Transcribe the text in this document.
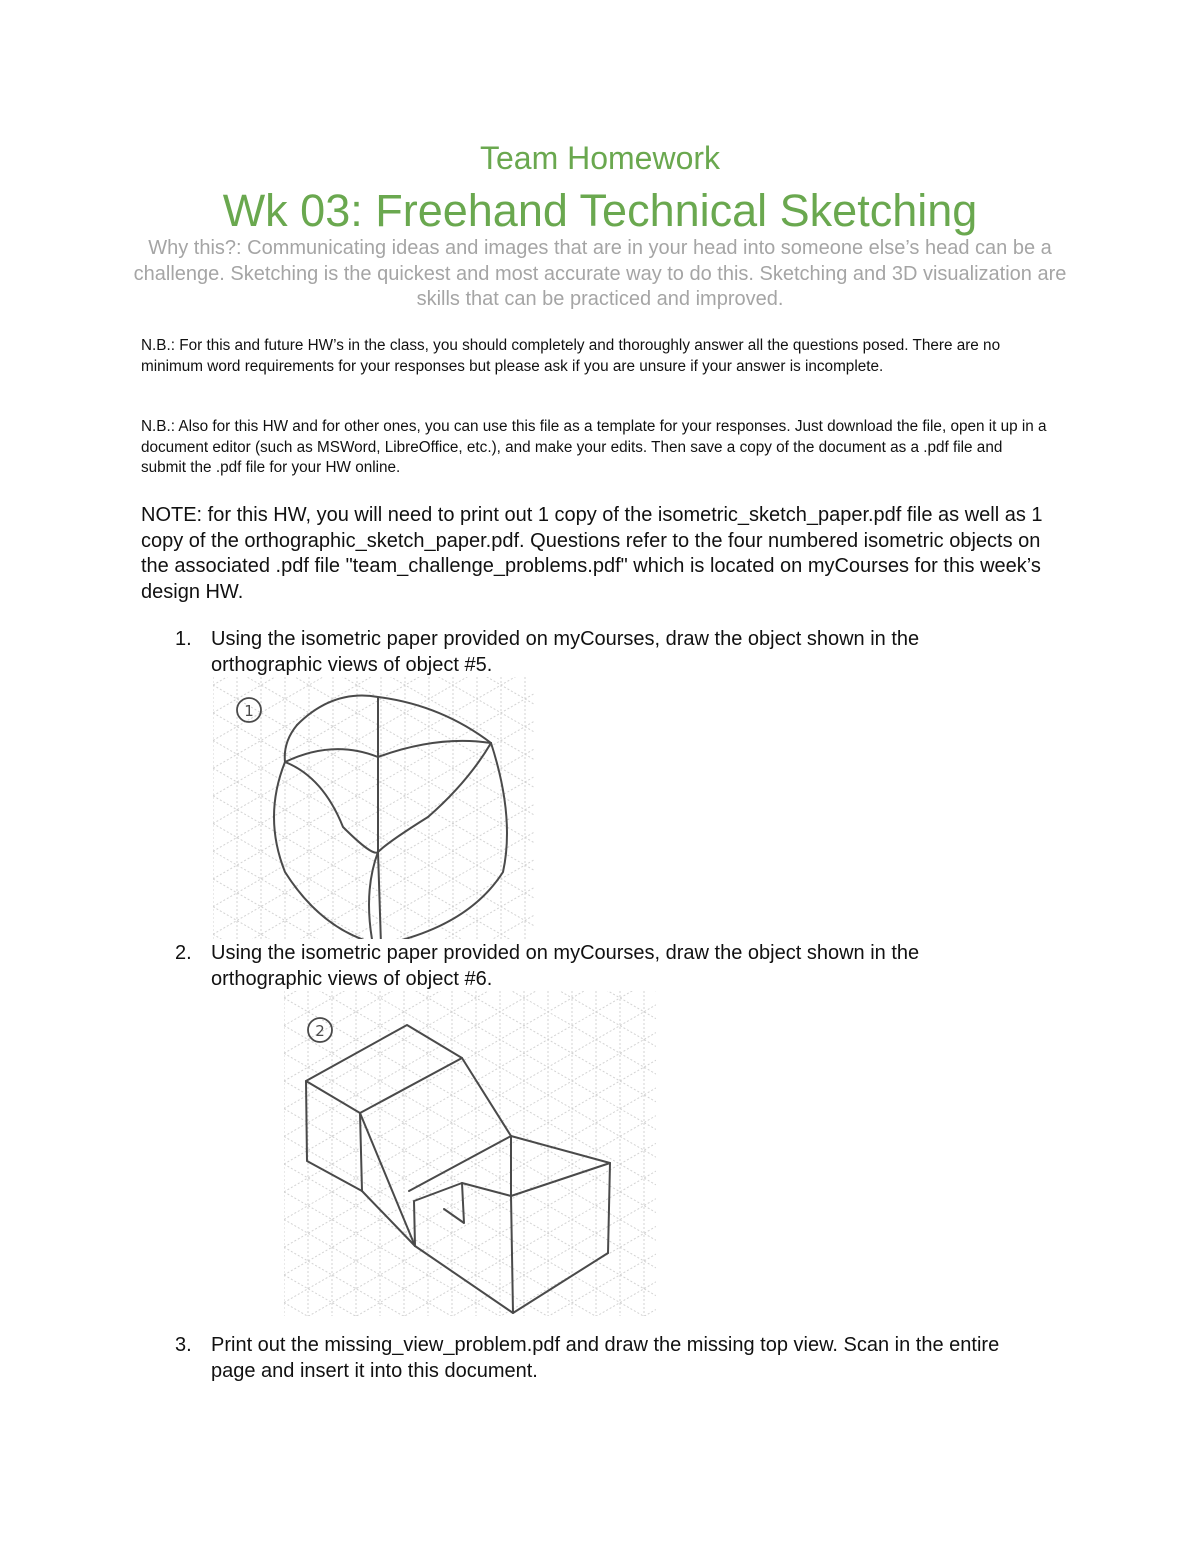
Team Homework
Wk 03: Freehand Technical Sketching
Why this?: Communicating ideas and images that are in your head into someone else’s head can be a challenge. Sketching is the quickest and most accurate way to do this. Sketching and 3D visualization are skills that can be practiced and improved.
N.B.: For this and future HW’s in the class, you should completely and thoroughly answer all the questions posed. There are no minimum word requirements for your responses but please ask if you are unsure if your answer is incomplete.
N.B.: Also for this HW and for other ones, you can use this file as a template for your responses. Just download the file, open it up in a document editor (such as MSWord, LibreOffice, etc.), and make your edits. Then save a copy of the document as a .pdf file and submit the .pdf file for your HW online.
NOTE: for this HW, you will need to print out 1 copy of the isometric_sketch_paper.pdf file as well as 1 copy of the orthographic_sketch_paper.pdf. Questions refer to the four numbered isometric objects on the associated .pdf file "team_challenge_problems.pdf" which is located on myCourses for this week’s design HW.
1. Using the isometric paper provided on myCourses, draw the object shown in the orthographic views of object #5.
1
2. Using the isometric paper provided on myCourses, draw the object shown in the orthographic views of object #6.
2
3. Print out the missing_view_problem.pdf and draw the missing top view. Scan in the entire page and insert it into this document.
